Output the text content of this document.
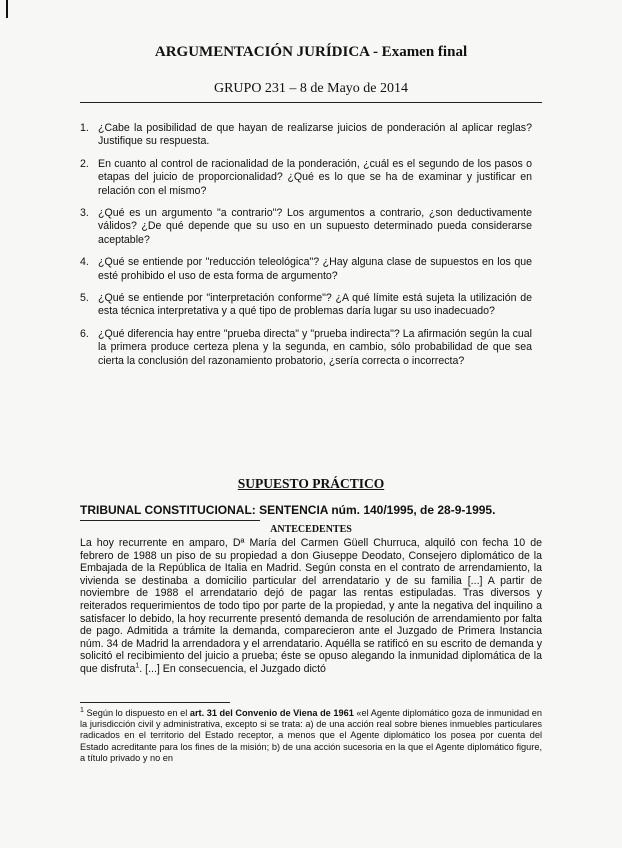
ARGUMENTACIÓN JURÍDICA - Examen final
GRUPO 231 – 8 de Mayo de 2014
1. ¿Cabe la posibilidad de que hayan de realizarse juicios de ponderación al aplicar reglas? Justifique su respuesta.
2. En cuanto al control de racionalidad de la ponderación, ¿cuál es el segundo de los pasos o etapas del juicio de proporcionalidad? ¿Qué es lo que se ha de examinar y justificar en relación con el mismo?
3. ¿Qué es un argumento "a contrario"? Los argumentos a contrario, ¿son deductivamente válidos? ¿De qué depende que su uso en un supuesto determinado pueda considerarse aceptable?
4. ¿Qué se entiende por "reducción teleológica"? ¿Hay alguna clase de supuestos en los que esté prohibido el uso de esta forma de argumento?
5. ¿Qué se entiende por "interpretación conforme"? ¿A qué límite está sujeta la utilización de esta técnica interpretativa y a qué tipo de problemas daría lugar su uso inadecuado?
6. ¿Qué diferencia hay entre "prueba directa" y "prueba indirecta"? La afirmación según la cual la primera produce certeza plena y la segunda, en cambio, sólo probabilidad de que sea cierta la conclusión del razonamiento probatorio, ¿sería correcta o incorrecta?
SUPUESTO PRÁCTICO
TRIBUNAL CONSTITUCIONAL: SENTENCIA núm. 140/1995, de 28-9-1995.
ANTECEDENTES

La hoy recurrente en amparo, Dª María del Carmen Güell Churruca, alquiló con fecha 10 de febrero de 1988 un piso de su propiedad a don Giuseppe Deodato, Consejero diplomático de la Embajada de la República de Italia en Madrid. Según consta en el contrato de arrendamiento, la vivienda se destinaba a domicilio particular del arrendatario y de su familia [...] A partir de noviembre de 1988 el arrendatario dejó de pagar las rentas estipuladas. Tras diversos y reiterados requerimientos de todo tipo por parte de la propiedad, y ante la negativa del inquilino a satisfacer lo debido, la hoy recurrente presentó demanda de resolución de arrendamiento por falta de pago. Admitida a trámite la demanda, comparecieron ante el Juzgado de Primera Instancia núm. 34 de Madrid la arrendadora y el arrendatario. Aquélla se ratificó en su escrito de demanda y solicitó el recibimiento del juicio a prueba; éste se opuso alegando la inmunidad diplomática de la que disfruta$^1$. [...] En consecuencia, el Juzgado dictó

$^1$ Según lo dispuesto en el art. 31 del Convenio de Viena de 1961 «el Agente diplomático goza de inmunidad en la jurisdicción civil y administrativa, excepto si se trata: a) de una acción real sobre bienes inmuebles particulares radicados en el territorio del Estado receptor, a menos que el Agente diplomático los posea por cuenta del Estado acreditante para los fines de la misión; b) de una acción sucesoria en la que el Agente diplomático figure, a título privado y no en
